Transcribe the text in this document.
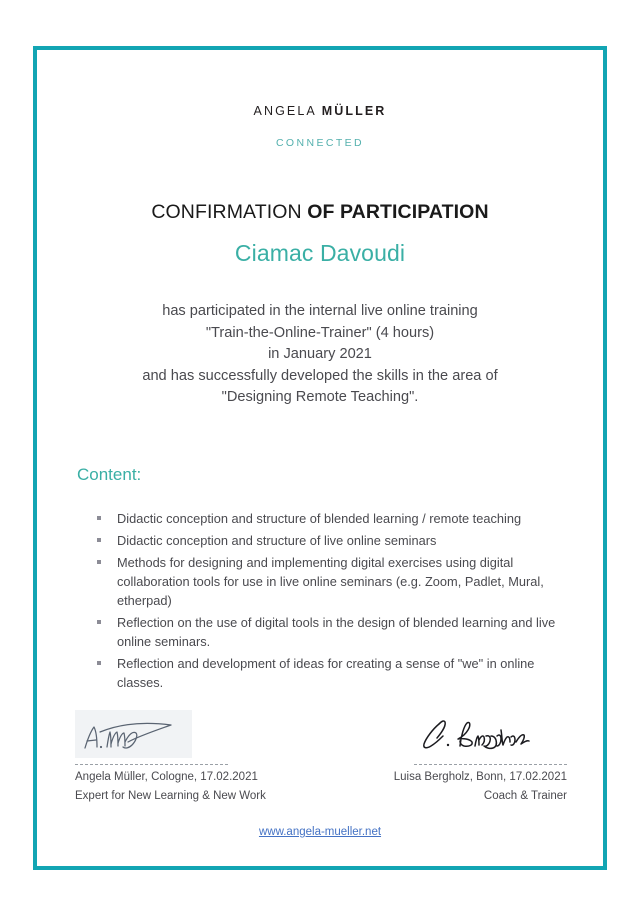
ANGELA MÜLLER
CONNECTED
CONFIRMATION OF PARTICIPATION
Ciamac Davoudi
has participated in the internal live online training
"Train-the-Online-Trainer" (4 hours)
in January 2021
and has successfully developed the skills in the area of
"Designing Remote Teaching".
Content:
Didactic conception and structure of blended learning / remote teaching
Didactic conception and structure of live online seminars
Methods for designing and implementing digital exercises using digital collaboration tools for use in live online seminars (e.g. Zoom, Padlet, Mural, etherpad)
Reflection on the use of digital tools in the design of blended learning and live online seminars.
Reflection and development of ideas for creating a sense of "we" in online classes.
Angela Müller, Cologne, 17.02.2021
Expert for New Learning & New Work
Luisa Bergholz, Bonn, 17.02.2021
Coach & Trainer
www.angela-mueller.net
